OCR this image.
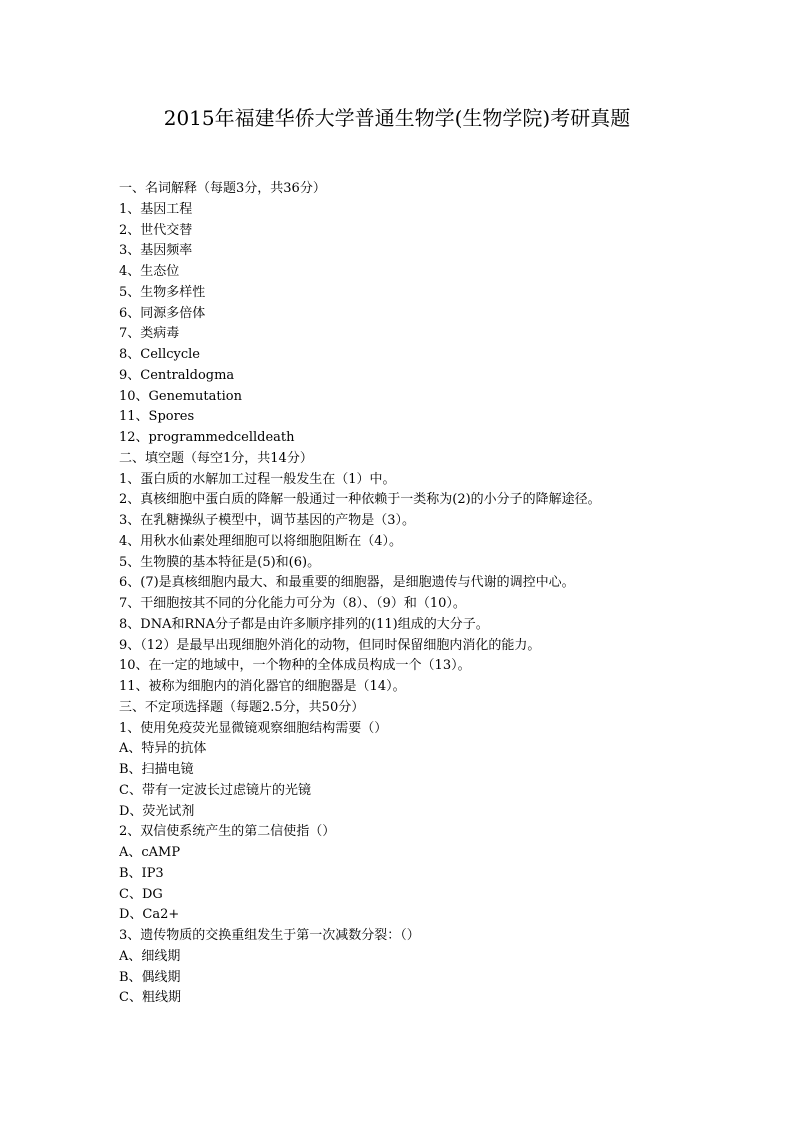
2015年福建华侨大学普通生物学(生物学院)考研真题
一、名词解释（每题3分，共36分）
1、基因工程
2、世代交替
3、基因频率
4、生态位
5、生物多样性
6、同源多倍体
7、类病毒
8、Cellcycle
9、Centraldogma
10、Genemutation
11、Spores
12、programmedcelldeath
二、填空题（每空1分，共14分）
1、蛋白质的水解加工过程一般发生在（1）中。
2、真核细胞中蛋白质的降解一般通过一种依赖于一类称为(2)的小分子的降解途径。
3、在乳糖操纵子模型中，调节基因的产物是（3）。
4、用秋水仙素处理细胞可以将细胞阻断在（4）。
5、生物膜的基本特征是(5)和(6)。
6、(7)是真核细胞内最大、和最重要的细胞器，是细胞遗传与代谢的调控中心。
7、干细胞按其不同的分化能力可分为（8）、（9）和（10）。
8、DNA和RNA分子都是由许多顺序排列的(11)组成的大分子。
9、（12）是最早出现细胞外消化的动物，但同时保留细胞内消化的能力。
10、在一定的地域中，一个物种的全体成员构成一个（13）。
11、被称为细胞内的消化器官的细胞器是（14）。
三、不定项选择题（每题2.5分，共50分）
1、使用免疫荧光显微镜观察细胞结构需要（）
A、特异的抗体
B、扫描电镜
C、带有一定波长过虑镜片的光镜
D、荧光试剂
2、双信使系统产生的第二信使指（）
A、cAMP
B、IP3
C、DG
D、Ca2+
3、遗传物质的交换重组发生于第一次减数分裂：（）
A、细线期
B、偶线期
C、粗线期
